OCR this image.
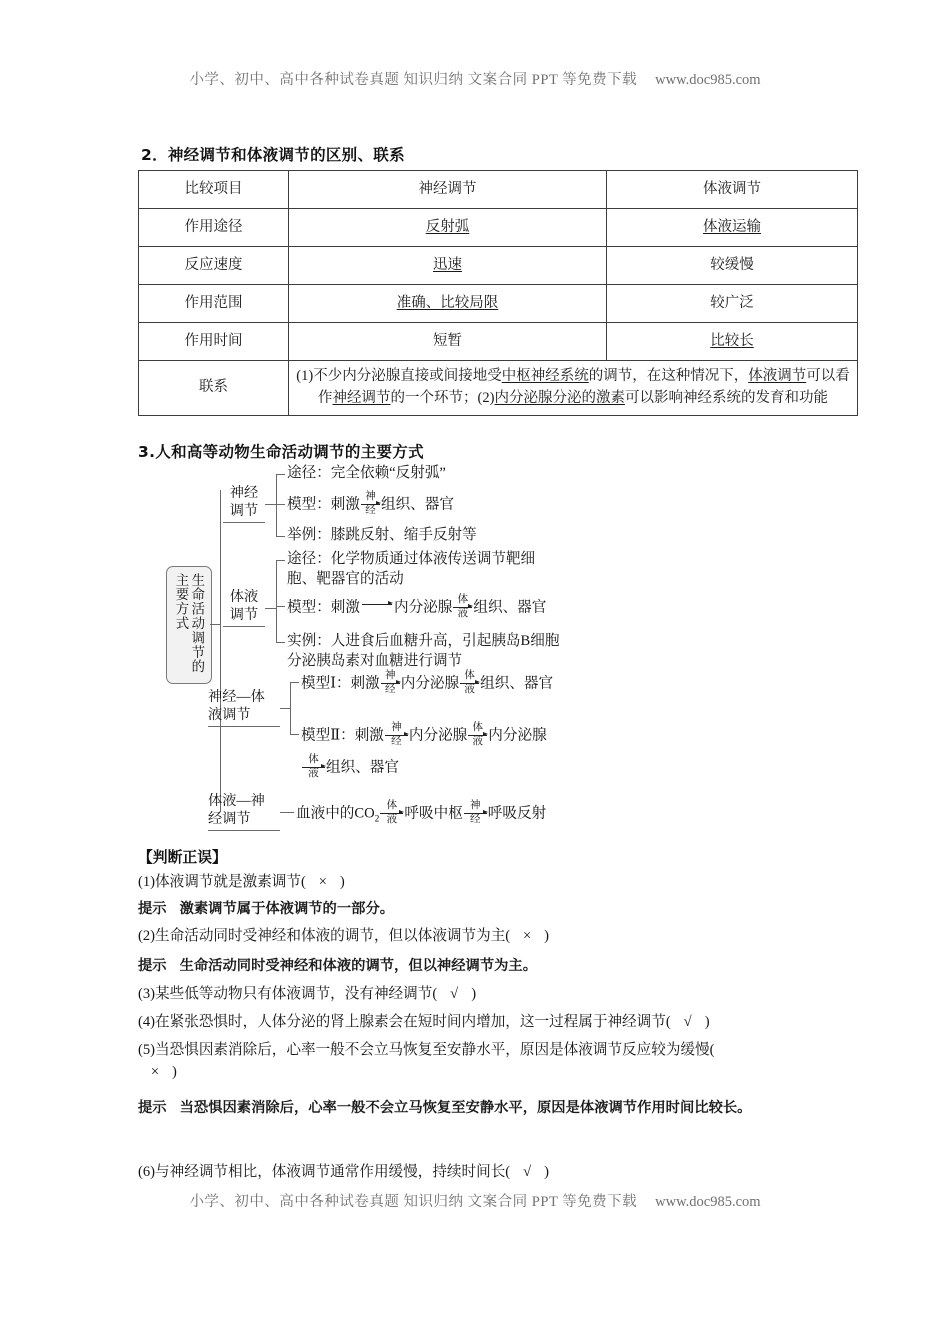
小学、初中、高中各种试卷真题 知识归纳 文案合同 PPT 等免费下载 www.doc985.com
2．神经调节和体液调节的区别、联系
比较项目	神经调节	体液调节
作用途径	反射弧	体液运输
反应速度	迅速	较缓慢
作用范围	准确、比较局限	较广泛
作用时间	短暂	比较长
联系	(1)不少内分泌腺直接或间接地受中枢神经系统的调节，在这种情况下，体液调节可以看作神经调节的一个环节；(2)内分泌腺分泌的激素可以影响神经系统的发育和功能	
3.人和高等动物生命活动调节的主要方式
生命活动调节的主要方式
神经
调节
途径：完全依赖“反射弧”
模型：刺激
神
经 组织、器官
举例：膝跳反射、缩手反射等
体液
调节
途径：化学物质通过体液传送调节靶细胞、靶器官的活动
模型：刺激 内分泌腺
体
液 组织、器官
实例：人进食后血糖升高，引起胰岛B细胞分泌胰岛素对血糖进行调节
神经—体
液调节
模型Ⅰ：刺激
神
经 内分泌腺
体
液 组织、器官
模型Ⅱ：刺激
神
经 内分泌腺
体
液 内分泌腺
体
液 组织、器官
体液—神
经调节	血液中的$CO_2$
体
液 呼吸中枢
神
经 呼吸反射
【判断正误】
(1)体液调节就是激素调节( × )
提示 激素调节属于体液调节的一部分。
(2)生命活动同时受神经和体液的调节，但以体液调节为主( × )
提示 生命活动同时受神经和体液的调节，但以神经调节为主。
(3)某些低等动物只有体液调节，没有神经调节( √ )
(4)在紧张恐惧时，人体分泌的肾上腺素会在短时间内增加，这一过程属于神经调节( √ )
(5)当恐惧因素消除后，心率一般不会立马恢复至安静水平，原因是体液调节反应较为缓慢(
× )
提示 当恐惧因素消除后，心率一般不会立马恢复至安静水平，原因是体液调节作用时间比较长。
(6)与神经调节相比，体液调节通常作用缓慢，持续时间长( √ )
小学、初中、高中各种试卷真题 知识归纳 文案合同 PPT 等免费下载 www.doc985.com
